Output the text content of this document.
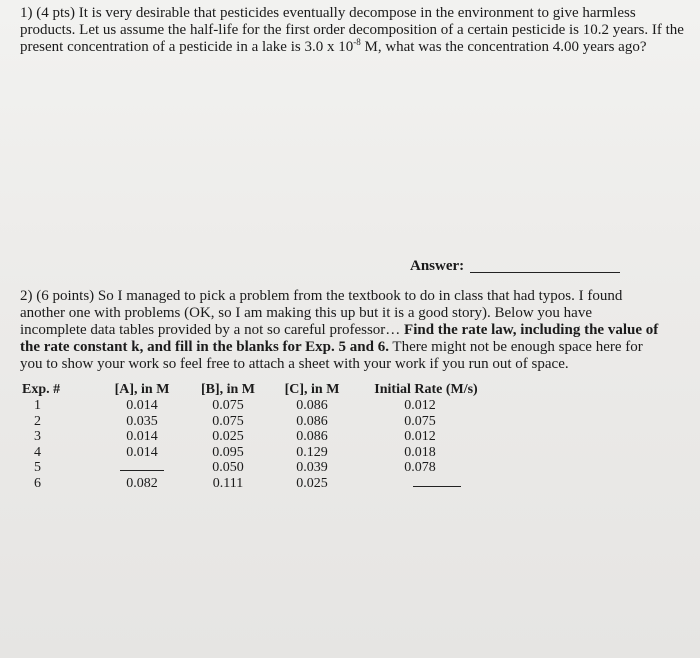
1) (4 pts) It is very desirable that pesticides eventually decompose in the environment to give harmless products. Let us assume the half-life for the first order decomposition of a certain pesticide is 10.2 years. If the present concentration of a pesticide in a lake is 3.0 x $10^{-8}$ M, what was the concentration 4.00 years ago?
Answer:
2) (6 points) So I managed to pick a problem from the textbook to do in class that had typos. I found another one with problems (OK, so I am making this up but it is a good story). Below you have incomplete data tables provided by a not so careful professor… Find the rate law, including the value of the rate constant k, and fill in the blanks for Exp. 5 and 6. There might not be enough space here for you to show your work so feel free to attach a sheet with your work if you run out of space.
Exp. #
1
2
3
4
5
6
[A], in M
0.014
0.035
0.014
0.014
0.082
[B], in M
0.075
0.075
0.025
0.095
0.050
0.111
[C], in M
0.086
0.086
0.086
0.129
0.039
0.025
Initial Rate (M/s)
0.012
0.075
0.012
0.018
0.078
